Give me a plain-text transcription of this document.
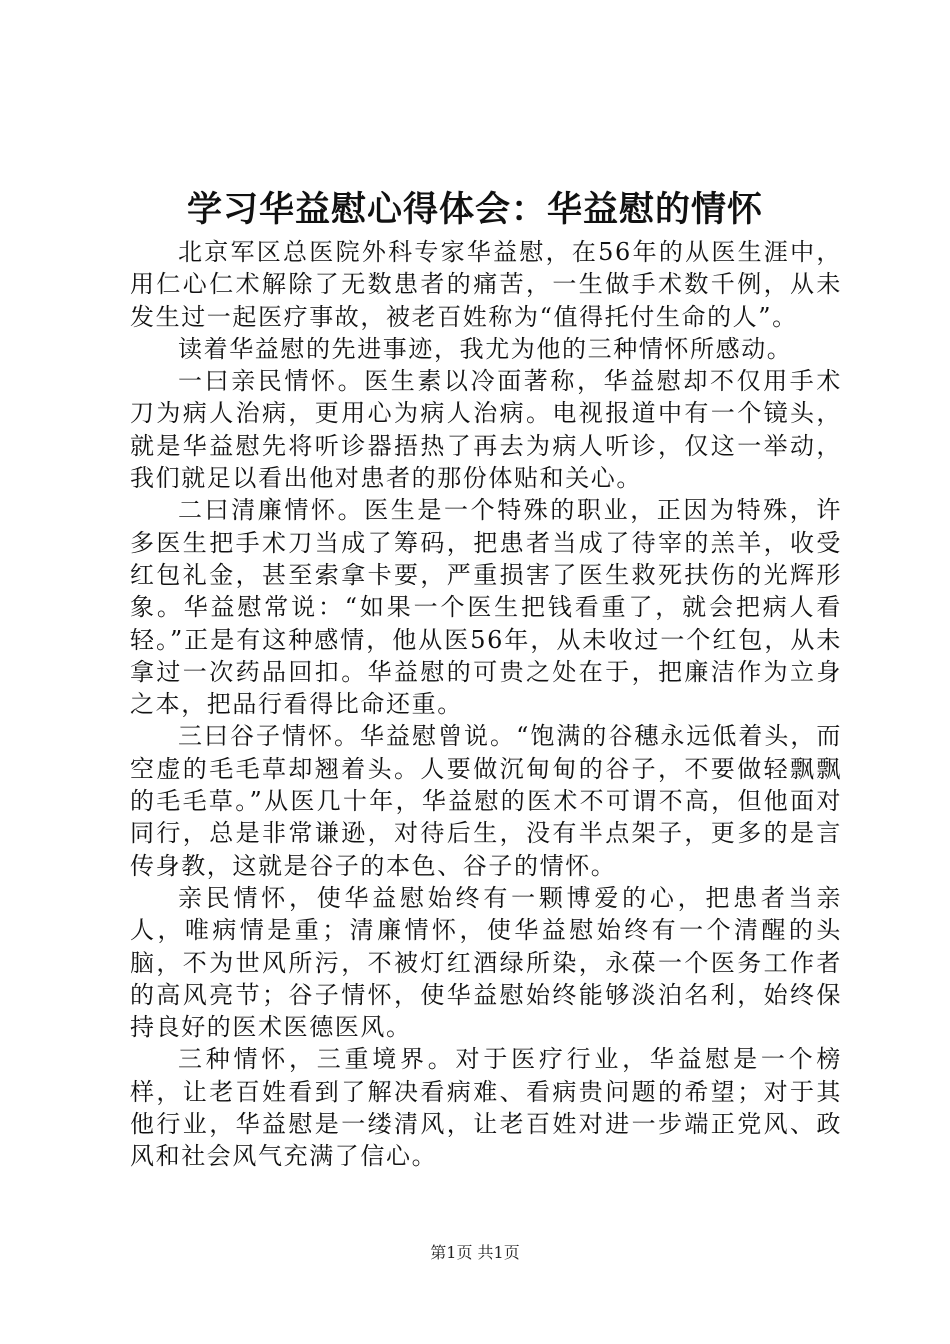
学习华益慰心得体会：华益慰的情怀

北京军区总医院外科专家华益慰，在56年的从医生涯中，用仁心仁术解除了无数患者的痛苦，一生做手术数千例，从未发生过一起医疗事故，被老百姓称为“值得托付生命的人”。

读着华益慰的先进事迹，我尤为他的三种情怀所感动。

一曰亲民情怀。医生素以冷面著称，华益慰却不仅用手术刀为病人治病，更用心为病人治病。电视报道中有一个镜头，就是华益慰先将听诊器捂热了再去为病人听诊，仅这一举动，我们就足以看出他对患者的那份体贴和关心。

二曰清廉情怀。医生是一个特殊的职业，正因为特殊，许多医生把手术刀当成了筹码，把患者当成了待宰的羔羊，收受红包礼金，甚至索拿卡要，严重损害了医生救死扶伤的光辉形象。华益慰常说：“如果一个医生把钱看重了，就会把病人看轻。”正是有这种感情，他从医56年，从未收过一个红包，从未拿过一次药品回扣。华益慰的可贵之处在于，把廉洁作为立身之本，把品行看得比命还重。

三曰谷子情怀。华益慰曾说。“饱满的谷穗永远低着头，而空虚的毛毛草却翘着头。人要做沉甸甸的谷子，不要做轻飘飘的毛毛草。”从医几十年，华益慰的医术不可谓不高，但他面对同行，总是非常谦逊，对待后生，没有半点架子，更多的是言传身教，这就是谷子的本色、谷子的情怀。

亲民情怀，使华益慰始终有一颗博爱的心，把患者当亲人，唯病情是重；清廉情怀，使华益慰始终有一个清醒的头脑，不为世风所污，不被灯红酒绿所染，永葆一个医务工作者的高风亮节；谷子情怀，使华益慰始终能够淡泊名利，始终保持良好的医术医德医风。

三种情怀，三重境界。对于医疗行业，华益慰是一个榜样，让老百姓看到了解决看病难、看病贵问题的希望；对于其他行业，华益慰是一缕清风，让老百姓对进一步端正党风、政风和社会风气充满了信心。

第1页 共1页
